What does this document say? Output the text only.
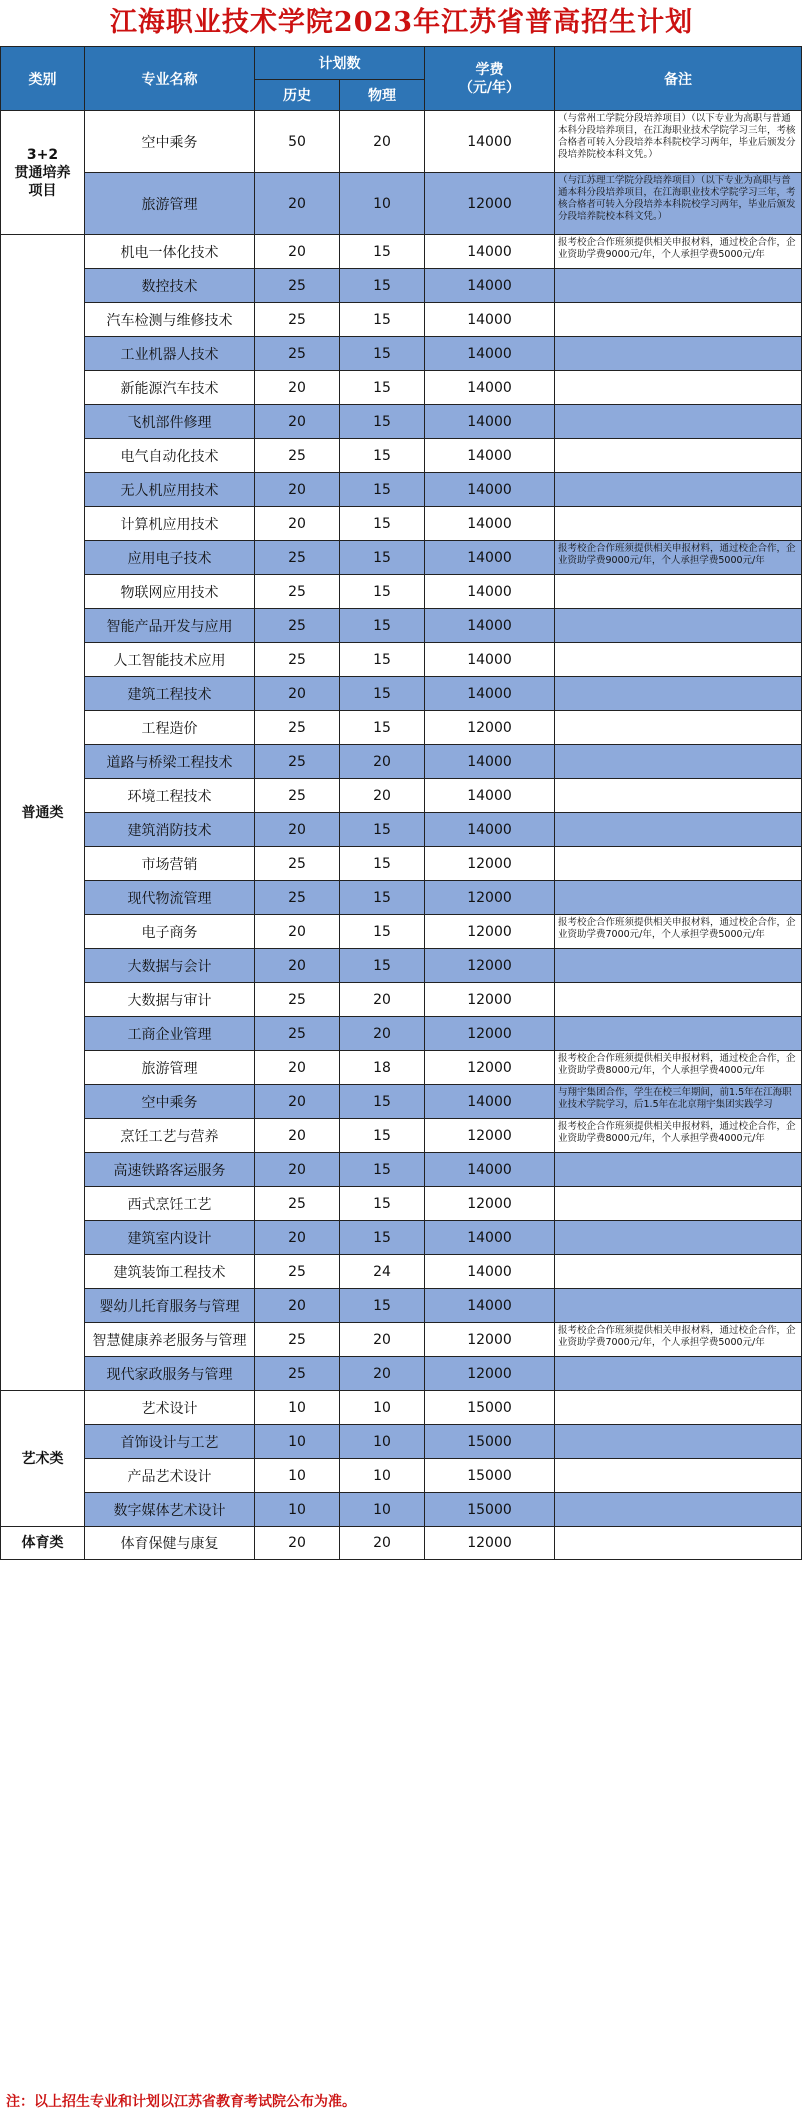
江海职业技术学院2023年江苏省普高招生计划
类别	专业名称	计划数		学费
（元/年）	备注
		历史	物理		
3+2
贯通培养
项目	空中乘务	50	20	14000	（与常州工学院分段培养项目）（以下专业为高职与普通本科分段培养项目，在江海职业技术学院学习三年，考核合格者可转入分段培养本科院校学习两年，毕业后颁发分段培养院校本科文凭。）
	旅游管理	20	10	12000	（与江苏理工学院分段培养项目）（以下专业为高职与普通本科分段培养项目，在江海职业技术学院学习三年，考核合格者可转入分段培养本科院校学习两年，毕业后颁发分段培养院校本科文凭。）
普通类	机电一体化技术	20	15	14000	报考校企合作班须提供相关申报材料，通过校企合作，企业资助学费9000元/年，个人承担学费5000元/年
	数控技术	25	15	14000	
	汽车检测与维修技术	25	15	14000	
	工业机器人技术	25	15	14000	
	新能源汽车技术	20	15	14000	
	飞机部件修理	20	15	14000	
	电气自动化技术	25	15	14000	
	无人机应用技术	20	15	14000	
	计算机应用技术	20	15	14000	
	应用电子技术	25	15	14000	报考校企合作班须提供相关申报材料，通过校企合作，企业资助学费9000元/年，个人承担学费5000元/年
	物联网应用技术	25	15	14000	
	智能产品开发与应用	25	15	14000	
	人工智能技术应用	25	15	14000	
	建筑工程技术	20	15	14000	
	工程造价	25	15	12000	
	道路与桥梁工程技术	25	20	14000	
	环境工程技术	25	20	14000	
	建筑消防技术	20	15	14000	
	市场营销	25	15	12000	
	现代物流管理	25	15	12000	
	电子商务	20	15	12000	报考校企合作班须提供相关申报材料，通过校企合作，企业资助学费7000元/年，个人承担学费5000元/年
	大数据与会计	20	15	12000	
	大数据与审计	25	20	12000	
	工商企业管理	25	20	12000	
	旅游管理	20	18	12000	报考校企合作班须提供相关申报材料，通过校企合作，企业资助学费8000元/年，个人承担学费4000元/年
	空中乘务	20	15	14000	与翔宇集团合作，学生在校三年期间，前1.5年在江海职业技术学院学习，后1.5年在北京翔宇集团实践学习
	烹饪工艺与营养	20	15	12000	报考校企合作班须提供相关申报材料，通过校企合作，企业资助学费8000元/年，个人承担学费4000元/年
	高速铁路客运服务	20	15	14000	
	西式烹饪工艺	25	15	12000	
	建筑室内设计	20	15	14000	
	建筑装饰工程技术	25	24	14000	
	婴幼儿托育服务与管理	20	15	14000	
	智慧健康养老服务与管理	25	20	12000	报考校企合作班须提供相关申报材料，通过校企合作，企业资助学费7000元/年，个人承担学费5000元/年
	现代家政服务与管理	25	20	12000	
艺术类	艺术设计	10	10	15000	
	首饰设计与工艺	10	10	15000	
	产品艺术设计	10	10	15000	
	数字媒体艺术设计	10	10	15000	
体育类	体育保健与康复	20	20	12000	
注：以上招生专业和计划以江苏省教育考试院公布为准。
